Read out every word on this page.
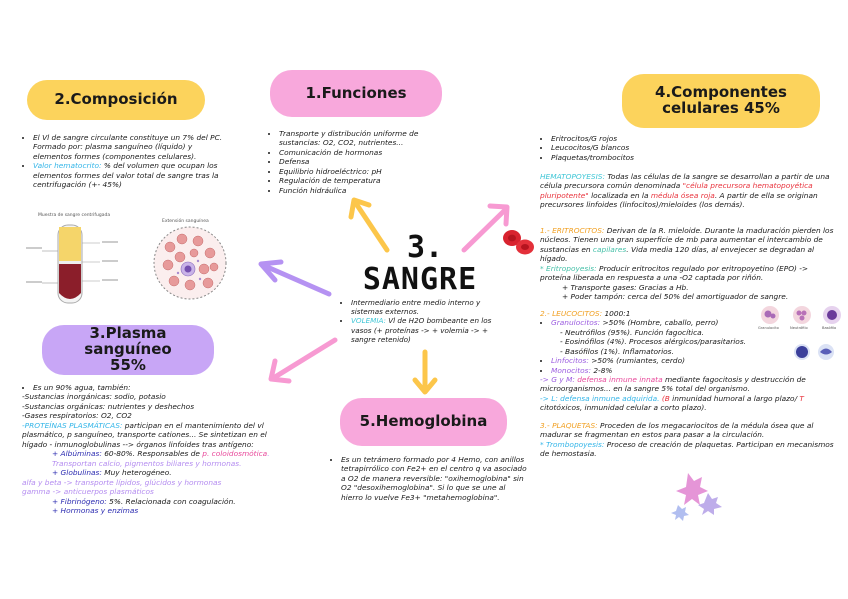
2.Composición	1.Funciones	4.Componentes celulares 45%
3.Plasma sanguíneo 55%
5.Hemoglobina
3.
SANGRE
• Intermediario entre medio interno y sistemas externos.
• VOLEMIA: Vl de H2O bombeante en los vasos (+ proteínas -> + volemia -> + sangre retenido)
• Transporte y distribución uniforme de sustancias: O2, CO2, nutrientes...
• Comunicación de hormonas
• Defensa
• Equilibrio hidroeléctrico: pH
• Regulación de temperatura
• Función hidráulica
• El Vl de sangre circulante constituye un 7% del PC. Formado por: plasma sanguíneo (líquido) y elementos formes (componentes celulares).
• Valor hematocrito: % del volumen que ocupan los elementos formes del valor total de sangre tras la centrifugación (+- 45%)
Muestra de sangre centrifugada
Extensión sanguínea
• Eritrocitos/G rojos
• Leucocitos/G blancos
• Plaquetas/trombocitos
HEMATOPOYESIS: Todas las células de la sangre se desarrollan a partir de una célula precursora común denominada "célula precursora hematopoyética pluripotente" localizada en la médula ósea roja. A partir de ella se originan precursores linfoides (linfocitos)/mieloides (los demás).
1.- ERITROCITOS: Derivan de la R. mieloide. Durante la maduración pierden los núcleos. Tienen una gran superficie de mb para aumentar el intercambio de sustancias en capilares. Vida media 120 días, al envejecer se degradan al hígado.
* Eritropoyesis: Producir eritrocitos regulado por eritropoyetino (EPO) -> proteína liberada en respuesta a una -O2 captada por riñón.
+ Transporte gases: Gracias a Hb.
+ Poder tampón: cerca del 50% del amortiguador de sangre.
2.- LEUCOCITOS: 1000:1
• Granulocitos: >50% (Hombre, caballo, perro)
- Neutrófilos (95%). Función fagocítica.
- Eosinófilos (4%). Procesos alérgicos/parasitarios.
- Basófilos (1%). Inflamatorios.
• Linfocitos: >50% (rumiantes, cerdo)
• Monocitos: 2-8%
-> G y M: defensa inmune innata mediante fagocitosis y destrucción de microorganismos... en la sangre 5% total del organismo.
-> L: defensa inmune adquirida. (B inmunidad humoral a largo plazo/ T citotóxicos, inmunidad celular a corto plazo).
3.- PLAQUETAS: Proceden de los megacariocitos de la médula ósea que al madurar se fragmentan en estos para pasar a la circulación.
* Trombopoyesis: Proceso de creación de plaquetas. Participan en mecanismos de hemostasia.
Granulocito	Neutrófilo	Basófilo
• Es un 90% agua, también:
-Sustancias inorgánicas: sodio, potasio
-Sustancias orgánicas: nutrientes y deshechos
-Gases respiratorios: O2, CO2
-PROTEÍNAS PLASMÁTICAS: participan en el mantenimiento del vl plasmático, p sanguíneo, transporte cationes... Se sintetizan en el hígado - inmunoglobulinas --> órganos linfoides tras antígeno:
+ Albúminas: 60-80%. Responsables de p. coloidosmótica. Transportan calcio, pigmentos biliares y hormonas.
+ Globulinas: Muy heterogéneo.
alfa y beta -> transporte lípidos, glúcidos y hormonas
gamma -> anticuerpos plasmáticos
+ Fibrinógeno: 5%. Relacionada con coagulación.
+ Hormonas y enzimas
• Es un tetrámero formado por 4 Hemo, con anillos tetrapirrólico con Fe2+ en el centro q va asociado a O2 de manera reversible: "oxihemoglobina" sin O2 "desoxihemoglobina". Si lo que se une al hierro lo vuelve Fe3+ "metahemoglobina".
